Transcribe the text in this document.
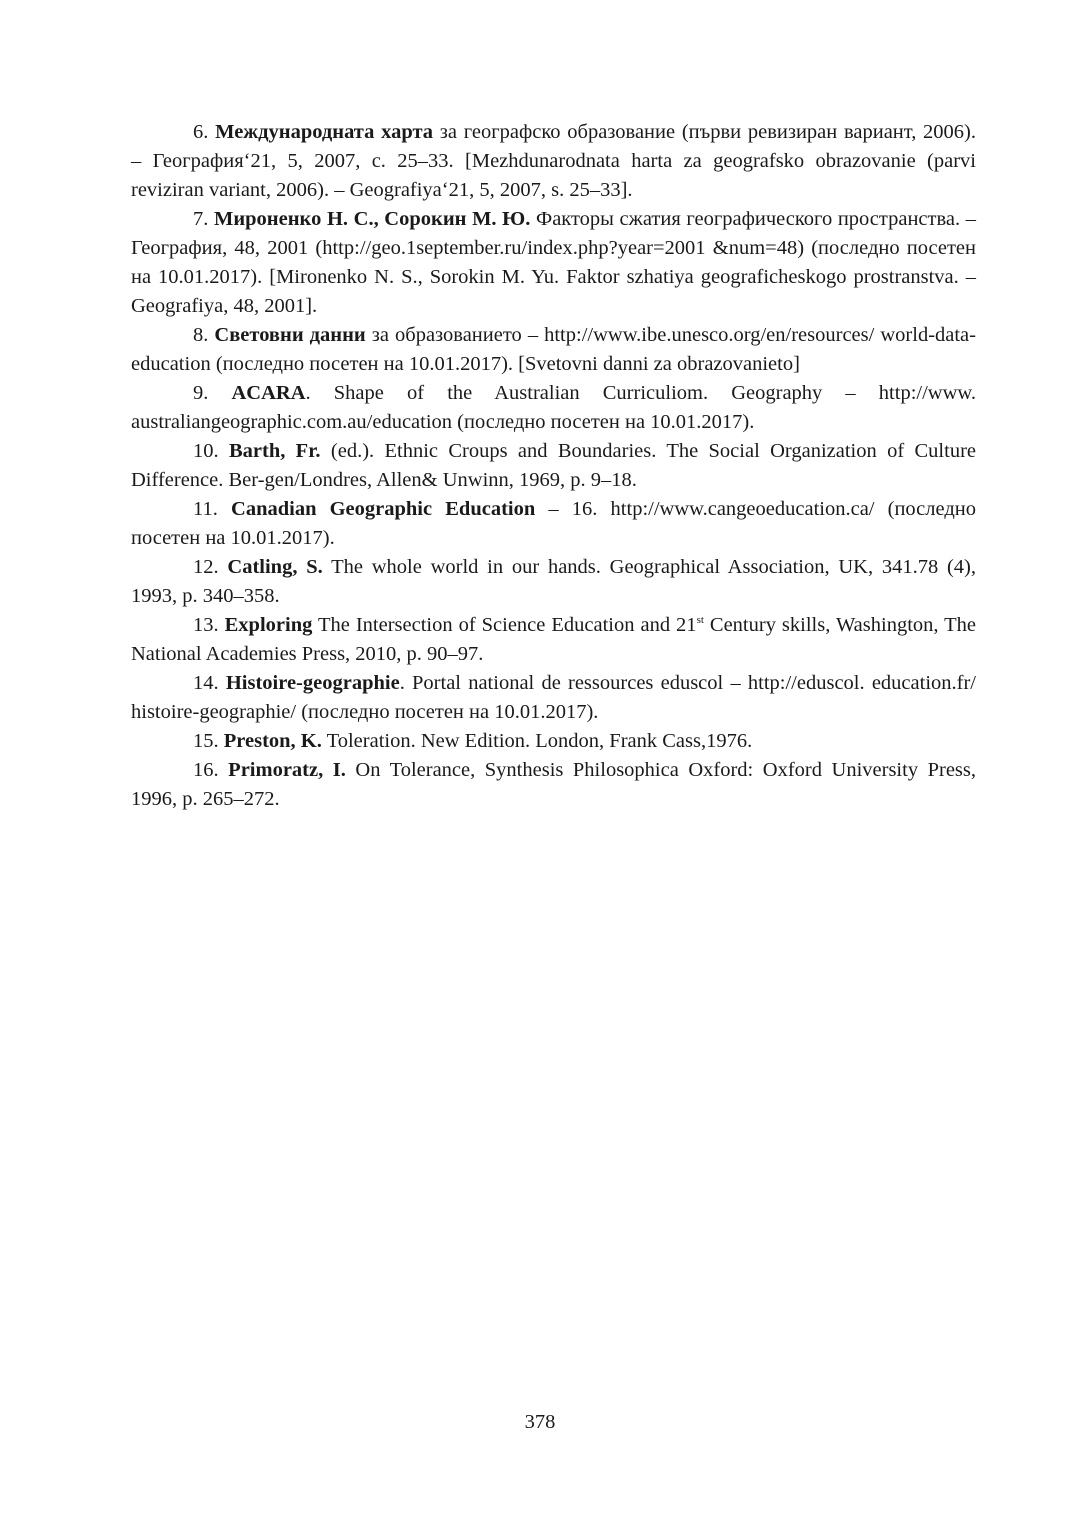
6. Международната харта за географско образование (първи ревизиран вариант, 2006). – География‘21, 5, 2007, с. 25–33. [Mezhdunarodnata harta za geografsko obrazovanie (parvi reviziran variant, 2006). – Geografiya‘21, 5, 2007, s. 25–33].

7. Мироненко Н. С., Сорокин М. Ю. Факторы сжатия географического пространства. – География, 48, 2001 (http://geo.1september.ru/index.php?year=2001 &num=48) (последно посетен на 10.01.2017). [Mironenko N. S., Sorokin M. Yu. Faktor szhatiya geograficheskogo prostranstva. – Geografiya, 48, 2001].

8. Световни данни за образованието – http://www.ibe.unesco.org/en/resources/ world-data-education (последно посетен на 10.01.2017). [Svetovni danni za obrazovanieto]

9. ACARA. Shape of the Australian Curriculiom. Geography – http://www. australiangeographic.com.au/education (последно посетен на 10.01.2017).

10. Barth, Fr. (ed.). Ethnic Croups and Boundaries. The Social Organization of Culture Difference. Ber-gen/Londres, Allen& Unwinn, 1969, p. 9–18.

11. Canadian Geographic Education – 16. http://www.cangeoeducation.ca/ (последно посетен на 10.01.2017).

12. Catling, S. The whole world in our hands. Geographical Association, UK, 341.78 (4), 1993, p. 340–358.

13. Exploring The Intersection of Science Education and 21st Century skills, Washington, The National Academies Press, 2010, p. 90–97.

14. Histoire-geographie. Portal national de ressources eduscol – http://eduscol. education.fr/ histoire-geographie/ (последно посетен на 10.01.2017).

15. Preston, K. Toleration. New Edition. London, Frank Cass,1976.

16. Primoratz, I. On Tolerance, Synthesis Philosophica Oxford: Oxford University Press, 1996, p. 265–272.

378
